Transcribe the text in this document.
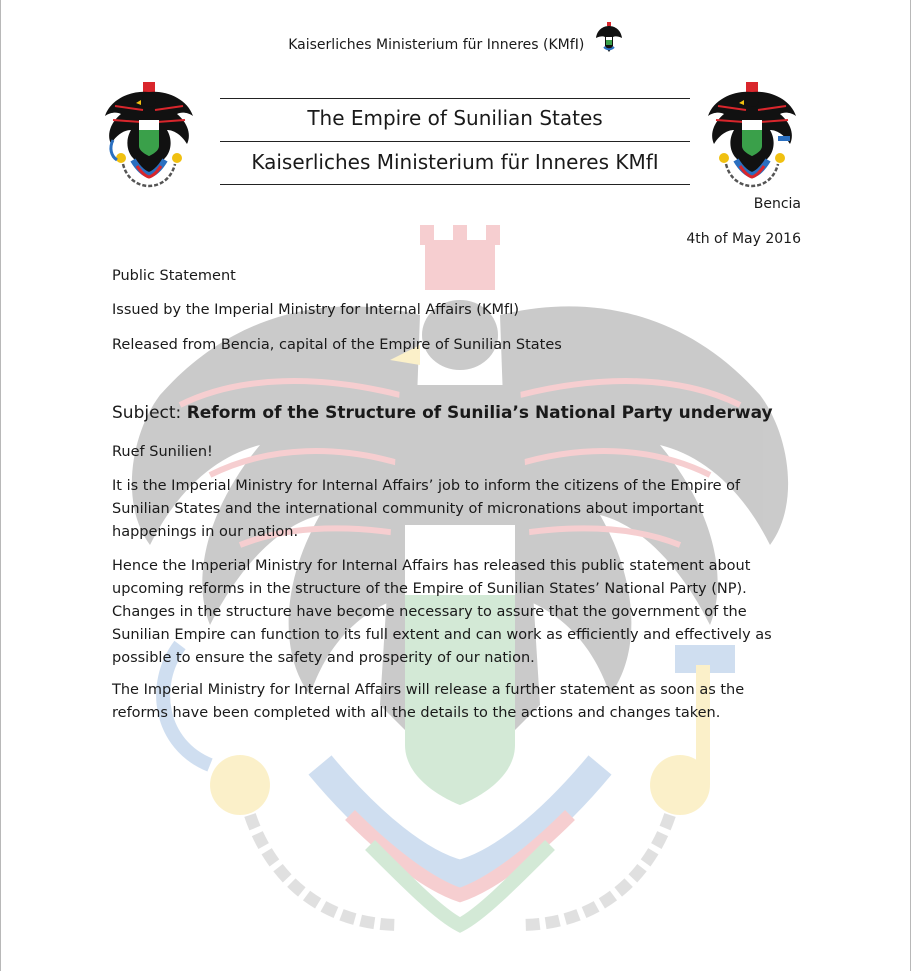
Kaiserliches Ministerium für Inneres (KMfI)
The Empire of Sunilian States
Kaiserliches Ministerium für Inneres KMfI
Bencia
4th of May 2016
Public Statement
Issued by the Imperial Ministry for Internal Affairs (KMfI)
Released from Bencia, capital of the Empire of Sunilian States
Subject: Reform of the Structure of Sunilia’s National Party underway
Ruef Sunilien!
It is the Imperial Ministry for Internal Affairs’ job to inform the citizens of the Empire of Sunilian States and the international community of micronations about important happenings in our nation.
Hence the Imperial Ministry for Internal Affairs has released this public statement about upcoming reforms in the structure of the Empire of Sunilian States’ National Party (NP). Changes in the structure have become necessary to assure that the government of the Sunilian Empire can function to its full extent and can work as efficiently and effectively as possible to ensure the safety and prosperity of our nation.
The Imperial Ministry for Internal Affairs will release a further statement as soon as the reforms have been completed with all the details to the actions and changes taken.
